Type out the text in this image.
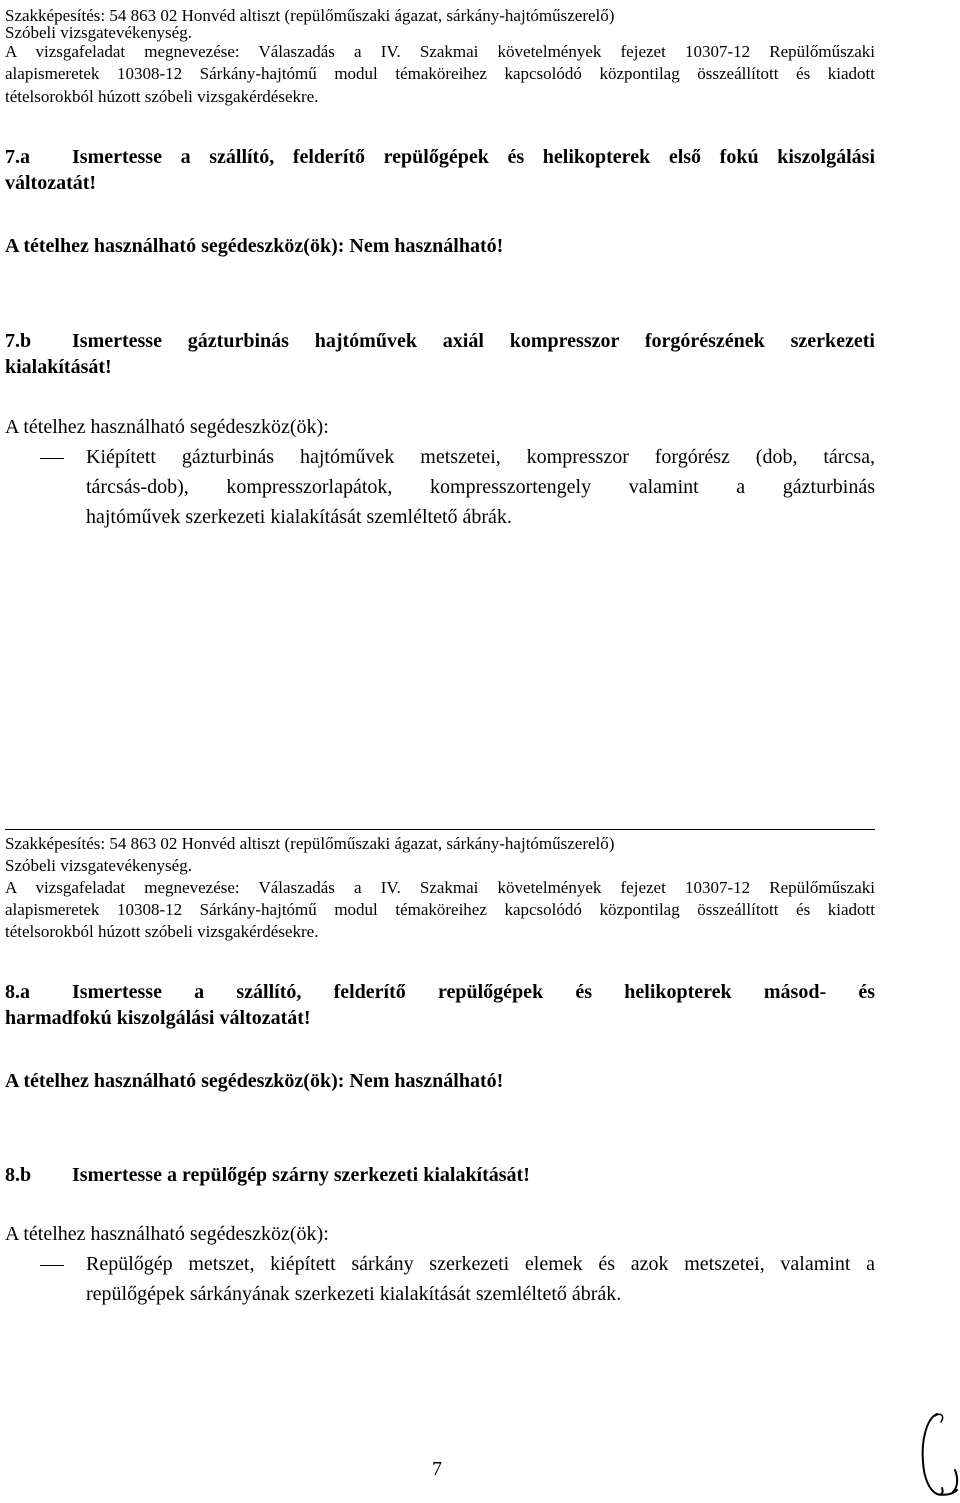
Szakképesítés: 54 863 02 Honvéd altiszt (repülőműszaki ágazat, sárkány-hajtóműszerelő)
Szóbeli vizsgatevékenység.
A vizsgafeladat megnevezése: Válaszadás a IV. Szakmai követelmények fejezet 10307-12 Repülőműszaki
alapismeretek 10308-12 Sárkány-hajtómű modul témaköreihez kapcsolódó központilag összeállított és kiadott
tételsorokból húzott szóbeli vizsgakérdésekre.
7.a Ismertesse a szállító, felderítő repülőgépek és helikopterek első fokú kiszolgálási
változatát!
A tételhez használható segédeszköz(ök): Nem használható!
7.b Ismertesse gázturbinás hajtóművek axiál kompresszor forgórészének szerkezeti
kialakítását!
A tételhez használható segédeszköz(ök):
Kiépített gázturbinás hajtóművek metszetei, kompresszor forgórész (dob, tárcsa,
tárcsás-dob), kompresszorlapátok, kompresszortengely valamint a gázturbinás
hajtóművek szerkezeti kialakítását szemléltető ábrák.
Szakképesítés: 54 863 02 Honvéd altiszt (repülőműszaki ágazat, sárkány-hajtóműszerelő)
Szóbeli vizsgatevékenység.
A vizsgafeladat megnevezése: Válaszadás a IV. Szakmai követelmények fejezet 10307-12 Repülőműszaki
alapismeretek 10308-12 Sárkány-hajtómű modul témaköreihez kapcsolódó központilag összeállított és kiadott
tételsorokból húzott szóbeli vizsgakérdésekre.
8.a Ismertesse a szállító, felderítő repülőgépek és helikopterek másod- és
harmadfokú kiszolgálási változatát!
A tételhez használható segédeszköz(ök): Nem használható!
8.b Ismertesse a repülőgép szárny szerkezeti kialakítását!
A tételhez használható segédeszköz(ök):
Repülőgép metszet, kiépített sárkány szerkezeti elemek és azok metszetei, valamint a
repülőgépek sárkányának szerkezeti kialakítását szemléltető ábrák.
7
